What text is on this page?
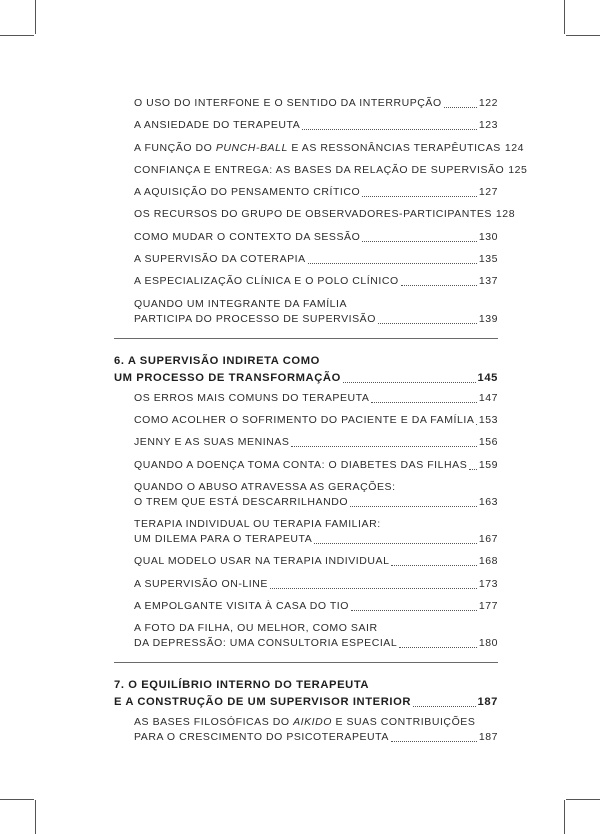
O USO DO INTERFONE E O SENTIDO DA INTERRUPÇÃO	122
A ANSIEDADE DO TERAPEUTA	123
A FUNÇÃO DO PUNCH-BALL E AS RESSONÂNCIAS TERAPÊUTICAS 124
CONFIANÇA E ENTREGA: AS BASES DA RELAÇÃO DE SUPERVISÃO 125
A AQUISIÇÃO DO PENSAMENTO CRÍTICO	127
OS RECURSOS DO GRUPO DE OBSERVADORES-PARTICIPANTES 128
COMO MUDAR O CONTEXTO DA SESSÃO	130
A SUPERVISÃO DA COTERAPIA	135
A ESPECIALIZAÇÃO CLÍNICA E O POLO CLÍNICO	137
QUANDO UM INTEGRANTE DA FAMÍLIA
PARTICIPA DO PROCESSO DE SUPERVISÃO	139
6. A SUPERVISÃO INDIRETA COMO
UM PROCESSO DE TRANSFORMAÇÃO	145
OS ERROS MAIS COMUNS DO TERAPEUTA	147
COMO ACOLHER O SOFRIMENTO DO PACIENTE E DA FAMÍLIA 153
JENNY E AS SUAS MENINAS	156
QUANDO A DOENÇA TOMA CONTA: O DIABETES DAS FILHAS 159
QUANDO O ABUSO ATRAVESSA AS GERAÇÕES:
O TREM QUE ESTÁ DESCARRILHANDO	163
TERAPIA INDIVIDUAL OU TERAPIA FAMILIAR:
UM DILEMA PARA O TERAPEUTA	167
QUAL MODELO USAR NA TERAPIA INDIVIDUAL	168
A SUPERVISÃO ON-LINE	173
A EMPOLGANTE VISITA À CASA DO TIO	177
A FOTO DA FILHA, OU MELHOR, COMO SAIR
DA DEPRESSÃO: UMA CONSULTORIA ESPECIAL	180
7. O EQUILÍBRIO INTERNO DO TERAPEUTA
E A CONSTRUÇÃO DE UM SUPERVISOR INTERIOR	187
AS BASES FILOSÓFICAS DO AIKIDO E SUAS CONTRIBUIÇÕES
PARA O CRESCIMENTO DO PSICOTERAPEUTA	187
